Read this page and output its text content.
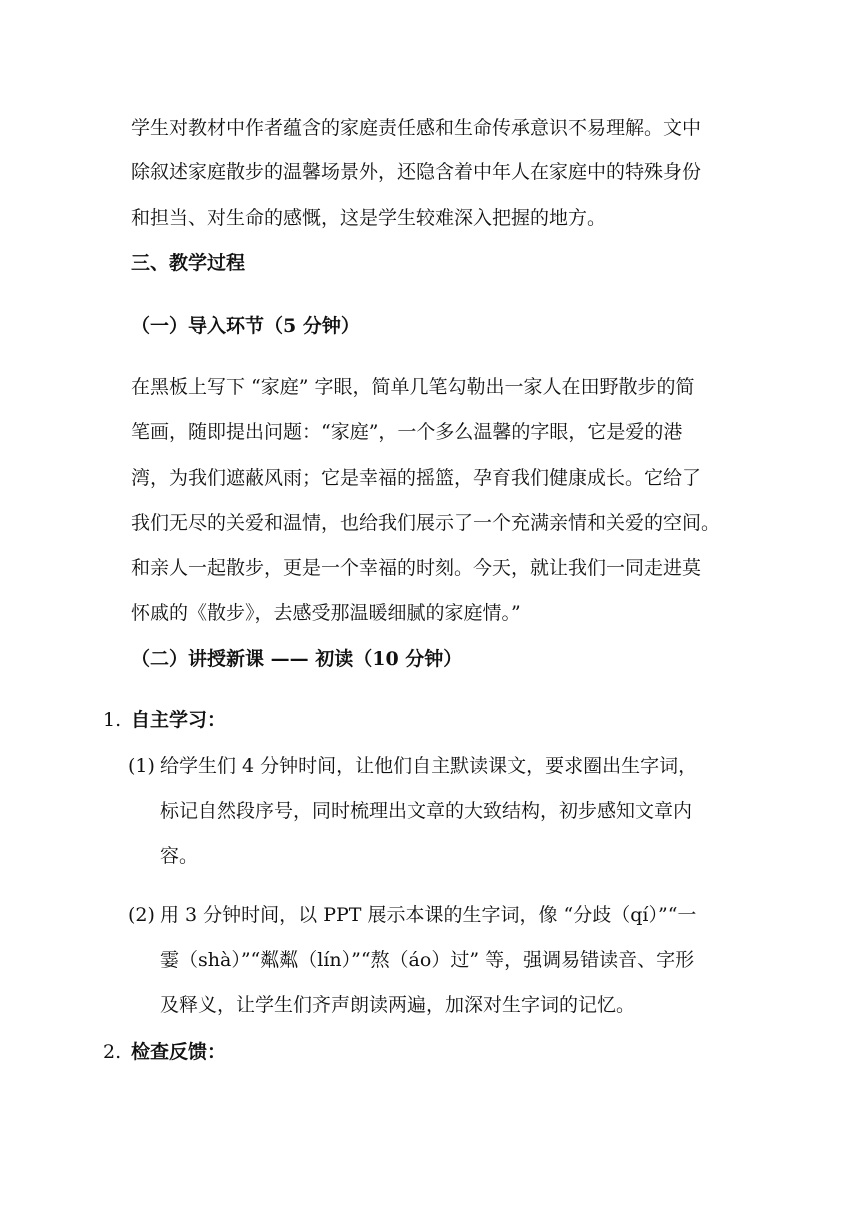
学生对教材中作者蕴含的家庭责任感和生命传承意识不易理解。文中
除叙述家庭散步的温馨场景外，还隐含着中年人在家庭中的特殊身份
和担当、对生命的感慨，这是学生较难深入把握的地方。
三、教学过程
（一）导入环节（5 分钟）
在黑板上写下 “家庭” 字眼，简单几笔勾勒出一家人在田野散步的简
笔画，随即提出问题：“家庭”，一个多么温馨的字眼，它是爱的港
湾，为我们遮蔽风雨；它是幸福的摇篮，孕育我们健康成长。它给了
我们无尽的关爱和温情，也给我们展示了一个充满亲情和关爱的空间。
和亲人一起散步，更是一个幸福的时刻。今天，就让我们一同走进莫
怀戚的《散步》，去感受那温暖细腻的家庭情。”
（二）讲授新课 —— 初读（10 分钟）
1. 自主学习：
(1) 给学生们 4 分钟时间，让他们自主默读课文，要求圈出生字词，
标记自然段序号，同时梳理出文章的大致结构，初步感知文章内
容。
(2) 用 3 分钟时间，以 PPT 展示本课的生字词，像 “分歧（qí）”“一
霎（shà）”“粼粼（lín）”“熬（áo）过” 等，强调易错读音、字形
及释义，让学生们齐声朗读两遍，加深对生字词的记忆。
2. 检查反馈：
